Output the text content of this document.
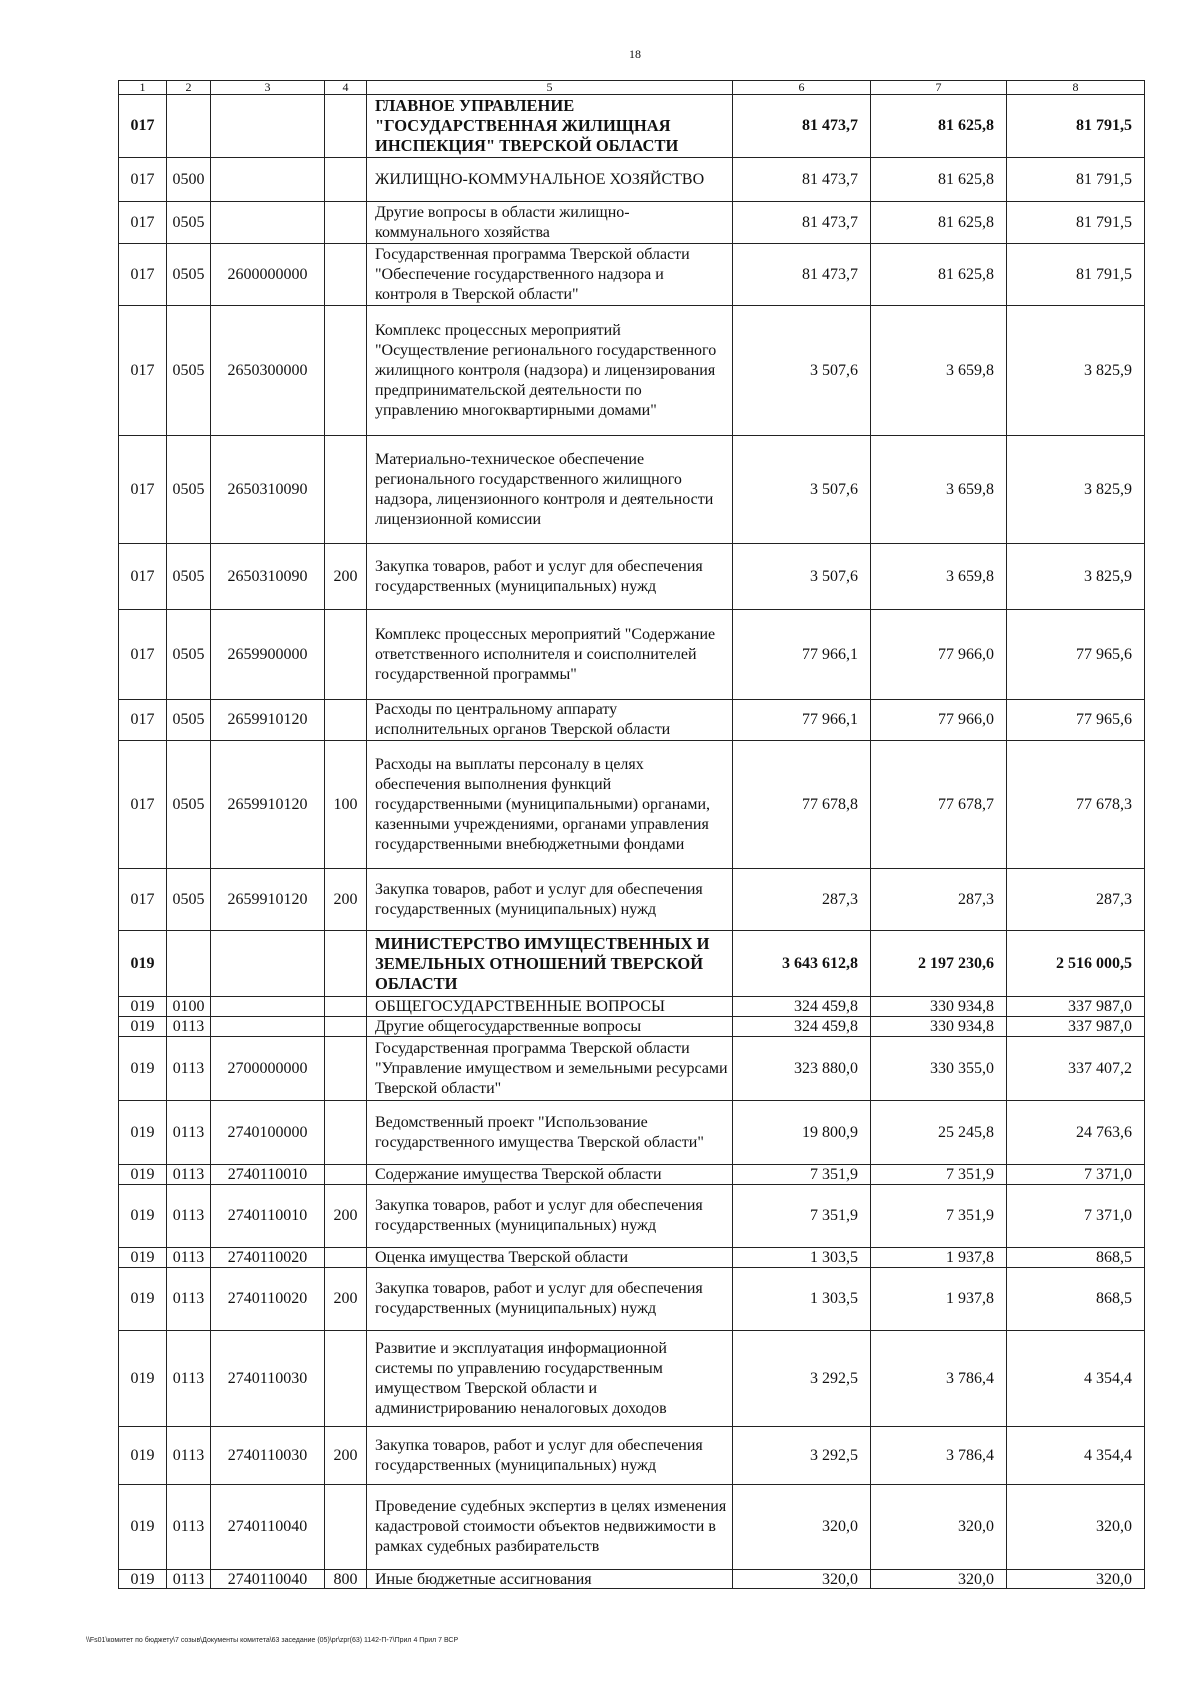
18
1	2	3	4	5	6	7	8
017				ГЛАВНОЕ УПРАВЛЕНИЕ "ГОСУДАРСТВЕННАЯ ЖИЛИЩНАЯ ИНСПЕКЦИЯ" ТВЕРСКОЙ ОБЛАСТИ	81 473,7	81 625,8	81 791,5
017	0500			ЖИЛИЩНО-КОММУНАЛЬНОЕ ХОЗЯЙСТВО	81 473,7	81 625,8	81 791,5
017	0505			Другие вопросы в области жилищно-коммунального хозяйства	81 473,7	81 625,8	81 791,5
017	0505	2600000000		Государственная программа Тверской области "Обеспечение государственного надзора и контроля в Тверской области"	81 473,7	81 625,8	81 791,5
017	0505	2650300000		Комплекс процессных мероприятий "Осуществление регионального государственного жилищного контроля (надзора) и лицензирования предпринимательской деятельности по управлению многоквартирными домами"	3 507,6	3 659,8	3 825,9
017	0505	2650310090		Материально-техническое обеспечение регионального государственного жилищного надзора, лицензионного контроля и деятельности лицензионной комиссии	3 507,6	3 659,8	3 825,9
017	0505	2650310090	200	Закупка товаров, работ и услуг для обеспечения государственных (муниципальных) нужд	3 507,6	3 659,8	3 825,9
017	0505	2659900000		Комплекс процессных мероприятий "Содержание ответственного исполнителя и соисполнителей государственной программы"	77 966,1	77 966,0	77 965,6
017	0505	2659910120		Расходы по центральному аппарату исполнительных органов Тверской области	77 966,1	77 966,0	77 965,6
017	0505	2659910120	100	Расходы на выплаты персоналу в целях обеспечения выполнения функций государственными (муниципальными) органами, казенными учреждениями, органами управления государственными внебюджетными фондами	77 678,8	77 678,7	77 678,3
017	0505	2659910120	200	Закупка товаров, работ и услуг для обеспечения государственных (муниципальных) нужд	287,3	287,3	287,3
019				МИНИСТЕРСТВО ИМУЩЕСТВЕННЫХ И ЗЕМЕЛЬНЫХ ОТНОШЕНИЙ ТВЕРСКОЙ ОБЛАСТИ	3 643 612,8	2 197 230,6	2 516 000,5
019	0100			ОБЩЕГОСУДАРСТВЕННЫЕ ВОПРОСЫ	324 459,8	330 934,8	337 987,0
019	0113			Другие общегосударственные вопросы	324 459,8	330 934,8	337 987,0
019	0113	2700000000		Государственная программа Тверской области "Управление имуществом и земельными ресурсами Тверской области"	323 880,0	330 355,0	337 407,2
019	0113	2740100000		Ведомственный проект "Использование государственного имущества Тверской области"	19 800,9	25 245,8	24 763,6
019	0113	2740110010		Содержание имущества Тверской области	7 351,9	7 351,9	7 371,0
019	0113	2740110010	200	Закупка товаров, работ и услуг для обеспечения государственных (муниципальных) нужд	7 351,9	7 351,9	7 371,0
019	0113	2740110020		Оценка имущества Тверской области	1 303,5	1 937,8	868,5
019	0113	2740110020	200	Закупка товаров, работ и услуг для обеспечения государственных (муниципальных) нужд	1 303,5	1 937,8	868,5
019	0113	2740110030		Развитие и эксплуатация информационной системы по управлению государственным имуществом Тверской области и администрированию неналоговых доходов	3 292,5	3 786,4	4 354,4
019	0113	2740110030	200	Закупка товаров, работ и услуг для обеспечения государственных (муниципальных) нужд	3 292,5	3 786,4	4 354,4
019	0113	2740110040		Проведение судебных экспертиз в целях изменения кадастровой стоимости объектов недвижимости в рамках судебных разбирательств	320,0	320,0	320,0
019	0113	2740110040	800	Иные бюджетные ассигнования	320,0	320,0	320,0
\\Fs01\комитет по бюджету\7 созыв\Документы комитета\63 заседание (05)\pr\zpr(63) 1142-П-7\Прил 4 Прил 7 ВСР
